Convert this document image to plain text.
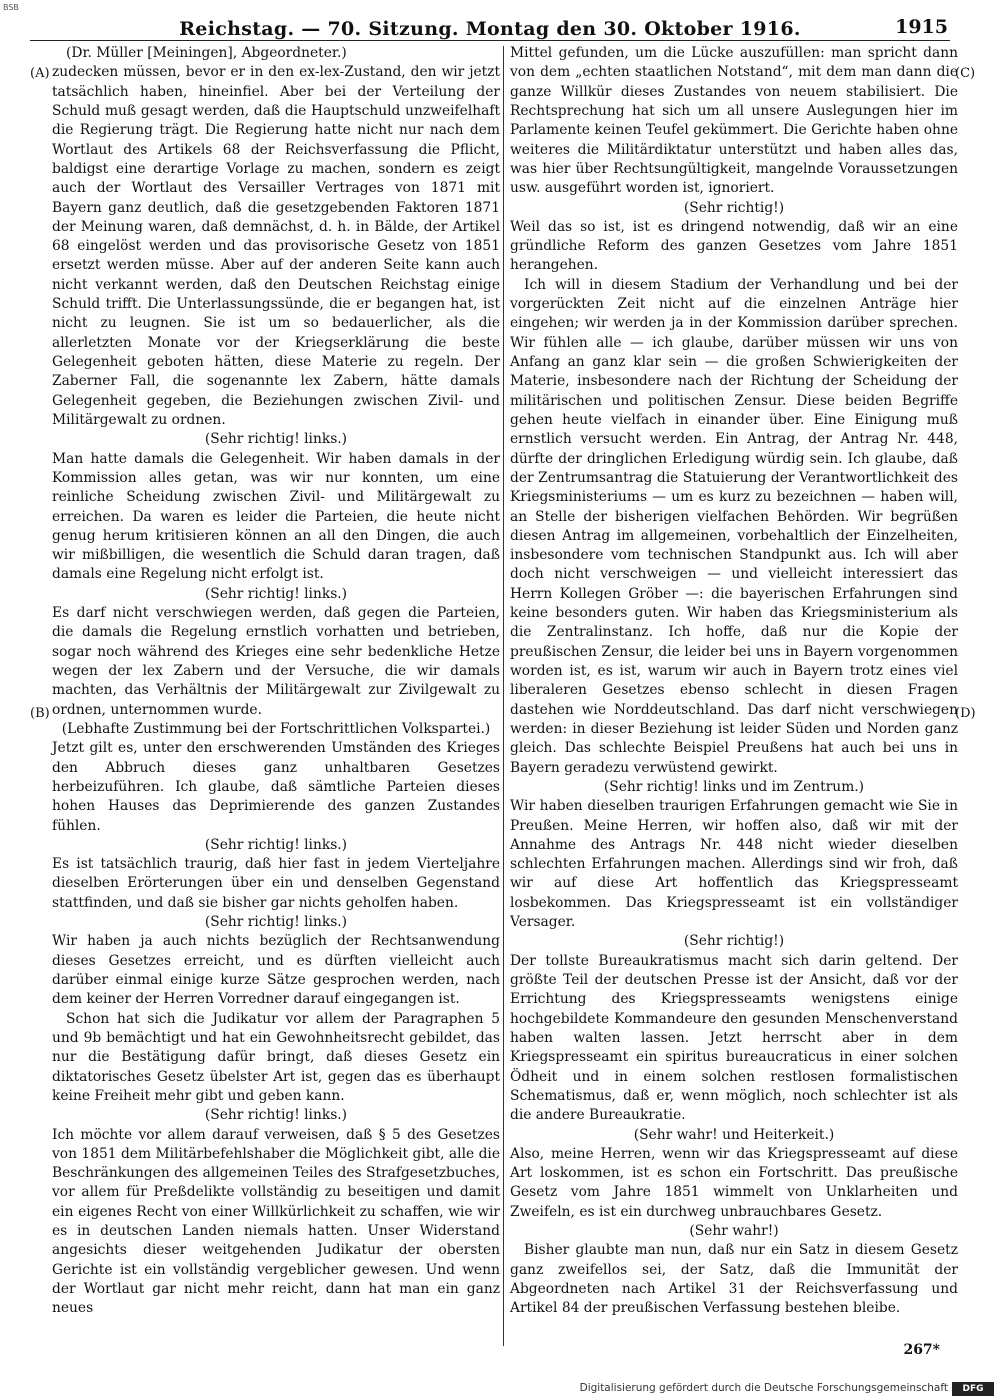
BSB
Reichstag. — 70. Sitzung. Montag den 30. Oktober 1916.	1915
(A)
(B)
(C)
(D)

(Dr. Müller [Meiningen], Abgeordneter.)

zudecken müssen, bevor er in den ex-lex-Zustand, den wir jetzt tatsächlich haben, hineinfiel. Aber bei der Verteilung der Schuld muß gesagt werden, daß die Hauptschuld unzweifelhaft die Regierung trägt. Die Regierung hatte nicht nur nach dem Wortlaut des Artikels 68 der Reichsverfassung die Pflicht, baldigst eine derartige Vorlage zu machen, sondern es zeigt auch der Wortlaut des Versailler Vertrages von 1871 mit Bayern ganz deutlich, daß die gesetzgebenden Faktoren 1871 der Meinung waren, daß demnächst, d. h. in Bälde, der Artikel 68 eingelöst werden und das provisorische Gesetz von 1851 ersetzt werden müsse. Aber auf der anderen Seite kann auch nicht verkannt werden, daß den Deutschen Reichstag einige Schuld trifft. Die Unterlassungssünde, die er begangen hat, ist nicht zu leugnen. Sie ist um so bedauerlicher, als die allerletzten Monate vor der Kriegserklärung die beste Gelegenheit geboten hätten, diese Materie zu regeln. Der Zaberner Fall, die sogenannte lex Zabern, hätte damals Gelegenheit gegeben, die Beziehungen zwischen Zivil- und Militärgewalt zu ordnen.

(Sehr richtig! links.)

Man hatte damals die Gelegenheit. Wir haben damals in der Kommission alles getan, was wir nur konnten, um eine reinliche Scheidung zwischen Zivil- und Militärgewalt zu erreichen. Da waren es leider die Parteien, die heute nicht genug herum kritisieren können an all den Dingen, die auch wir mißbilligen, die wesentlich die Schuld daran tragen, daß damals eine Regelung nicht erfolgt ist.

(Sehr richtig! links.)

Es darf nicht verschwiegen werden, daß gegen die Parteien, die damals die Regelung ernstlich vorhatten und betrieben, sogar noch während des Krieges eine sehr bedenkliche Hetze wegen der lex Zabern und der Versuche, die wir damals machten, das Verhältnis der Militärgewalt zur Zivilgewalt zu ordnen, unternommen wurde.

(Lebhafte Zustimmung bei der Fortschrittlichen Volkspartei.)

Jetzt gilt es, unter den erschwerenden Umständen des Krieges den Abbruch dieses ganz unhaltbaren Gesetzes herbeizuführen. Ich glaube, daß sämtliche Parteien dieses hohen Hauses das Deprimierende des ganzen Zustandes fühlen.

(Sehr richtig! links.)

Es ist tatsächlich traurig, daß hier fast in jedem Vierteljahre dieselben Erörterungen über ein und denselben Gegenstand stattfinden, und daß sie bisher gar nichts geholfen haben.

(Sehr richtig! links.)

Wir haben ja auch nichts bezüglich der Rechtsanwendung dieses Gesetzes erreicht, und es dürften vielleicht auch darüber einmal einige kurze Sätze gesprochen werden, nach dem keiner der Herren Vorredner darauf eingegangen ist.

Schon hat sich die Judikatur vor allem der Paragraphen 5 und 9b bemächtigt und hat ein Gewohnheitsrecht gebildet, das nur die Bestätigung dafür bringt, daß dieses Gesetz ein diktatorisches Gesetz übelster Art ist, gegen das es überhaupt keine Freiheit mehr gibt und geben kann.

(Sehr richtig! links.)

Ich möchte vor allem darauf verweisen, daß § 5 des Gesetzes von 1851 dem Militärbefehlshaber die Möglichkeit gibt, alle die Beschränkungen des allgemeinen Teiles des Strafgesetzbuches, vor allem für Preßdelikte vollständig zu beseitigen und damit ein eigenes Recht von einer Willkürlichkeit zu schaffen, wie wir es in deutschen Landen niemals hatten. Unser Widerstand angesichts dieser weitgehenden Judikatur der obersten Gerichte ist ein vollständig vergeblicher gewesen. Und wenn der Wortlaut gar nicht mehr reicht, dann hat man ein ganz neues

Mittel gefunden, um die Lücke auszufüllen: man spricht dann von dem „echten staatlichen Notstand“, mit dem man dann die ganze Willkür dieses Zustandes von neuem stabilisiert. Die Rechtsprechung hat sich um all unsere Auslegungen hier im Parlamente keinen Teufel gekümmert. Die Gerichte haben ohne weiteres die Militärdiktatur unterstützt und haben alles das, was hier über Rechtsungültigkeit, mangelnde Voraussetzungen usw. ausgeführt worden ist, ignoriert.

(Sehr richtig!)

Weil das so ist, ist es dringend notwendig, daß wir an eine gründliche Reform des ganzen Gesetzes vom Jahre 1851 herangehen.

Ich will in diesem Stadium der Verhandlung und bei der vorgerückten Zeit nicht auf die einzelnen Anträge hier eingehen; wir werden ja in der Kommission darüber sprechen. Wir fühlen alle — ich glaube, darüber müssen wir uns von Anfang an ganz klar sein — die großen Schwierigkeiten der Materie, insbesondere nach der Richtung der Scheidung der militärischen und politischen Zensur. Diese beiden Begriffe gehen heute vielfach in einander über. Eine Einigung muß ernstlich versucht werden. Ein Antrag, der Antrag Nr. 448, dürfte der dringlichen Erledigung würdig sein. Ich glaube, daß der Zentrumsantrag die Statuierung der Verantwortlichkeit des Kriegsministeriums — um es kurz zu bezeichnen — haben will, an Stelle der bisherigen vielfachen Behörden. Wir begrüßen diesen Antrag im allgemeinen, vorbehaltlich der Einzelheiten, insbesondere vom technischen Standpunkt aus. Ich will aber doch nicht verschweigen — und vielleicht interessiert das Herrn Kollegen Gröber —: die bayerischen Erfahrungen sind keine besonders guten. Wir haben das Kriegsministerium als die Zentralinstanz. Ich hoffe, daß nur die Kopie der preußischen Zensur, die leider bei uns in Bayern vorgenommen worden ist, es ist, warum wir auch in Bayern trotz eines viel liberaleren Gesetzes ebenso schlecht in diesen Fragen dastehen wie Norddeutschland. Das darf nicht verschwiegen werden: in dieser Beziehung ist leider Süden und Norden ganz gleich. Das schlechte Beispiel Preußens hat auch bei uns in Bayern geradezu verwüstend gewirkt.

(Sehr richtig! links und im Zentrum.)

Wir haben dieselben traurigen Erfahrungen gemacht wie Sie in Preußen. Meine Herren, wir hoffen also, daß wir mit der Annahme des Antrags Nr. 448 nicht wieder dieselben schlechten Erfahrungen machen. Allerdings sind wir froh, daß wir auf diese Art hoffentlich das Kriegspresseamt losbekommen. Das Kriegspresseamt ist ein vollständiger Versager.

(Sehr richtig!)

Der tollste Bureaukratismus macht sich darin geltend. Der größte Teil der deutschen Presse ist der Ansicht, daß vor der Errichtung des Kriegspresseamts wenigstens einige hochgebildete Kommandeure den gesunden Menschenverstand haben walten lassen. Jetzt herrscht aber in dem Kriegspresseamt ein spiritus bureaucraticus in einer solchen Ödheit und in einem solchen restlosen formalistischen Schematismus, daß er, wenn möglich, noch schlechter ist als die andere Bureaukratie.

(Sehr wahr! und Heiterkeit.)

Also, meine Herren, wenn wir das Kriegspresseamt auf diese Art loskommen, ist es schon ein Fortschritt. Das preußische Gesetz vom Jahre 1851 wimmelt von Unklarheiten und Zweifeln, es ist ein durchweg unbrauchbares Gesetz.

(Sehr wahr!)

Bisher glaubte man nun, daß nur ein Satz in diesem Gesetz ganz zweifellos sei, der Satz, daß die Immunität der Abgeordneten nach Artikel 31 der Reichsverfassung und Artikel 84 der preußischen Verfassung bestehen bleibe.

267*
Digitalisierung gefördert durch die Deutsche Forschungsgemeinschaft	DFG
